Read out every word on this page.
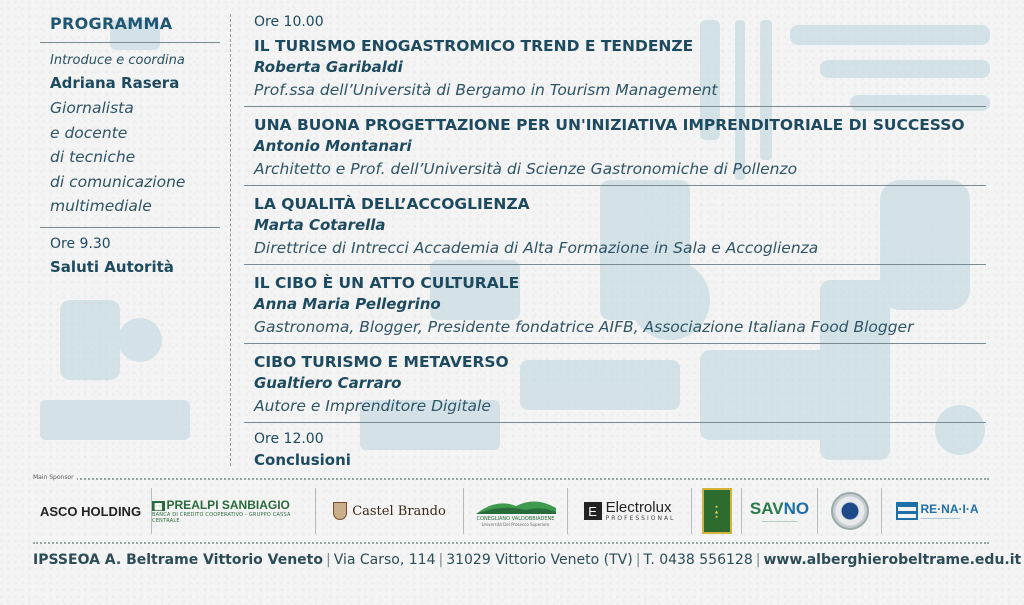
PROGRAMMA
Introduce e coordina
Adriana Rasera
Giornalista
e docente
di tecniche
di comunicazione
multimediale
Ore 9.30
Saluti Autorità
Ore 10.00
IL TURISMO ENOGASTROMICO TREND E TENDENZE
Roberta Garibaldi
Prof.ssa dell’Università di Bergamo in Tourism Management
UNA BUONA PROGETTAZIONE PER UN'INIZIATIVA IMPRENDITORIALE DI SUCCESSO
Antonio Montanari
Architetto e Prof. dell’Università di Scienze Gastronomiche di Pollenzo
LA QUALITÀ DELL’ACCOGLIENZA
Marta Cotarella
Direttrice di Intrecci Accademia di Alta Formazione in Sala e Accoglienza
IL CIBO È UN ATTO CULTURALE
Anna Maria Pellegrino
Gastronoma, Blogger, Presidente fondatrice AIFB, Associazione Italiana Food Blogger
CIBO TURISMO E METAVERSO
Gualtiero Carraro
Autore e Imprenditore Digitale
Ore 12.00
Conclusioni
Main Sponsor
ASCO HOLDING ▦ PREALPI SANBIAGIO
BANCA DI CREDITO COOPERATIVO - GRUPPO CASSA CENTRALE
Castel Brando	CONEGLIANO VALDOBBIADENE
Università Del Prosecco Superiore
E Electrolux
PROFESSIONAL
★
▲
★ SAVNO
―――――――――
RE·NA·I·A
――――――――――
IPSSEOA A. Beltrame Vittorio Veneto | Via Carso, 114 | 31029 Vittorio Veneto (TV) | T. 0438 556128 | www.alberghierobeltrame.edu.it
